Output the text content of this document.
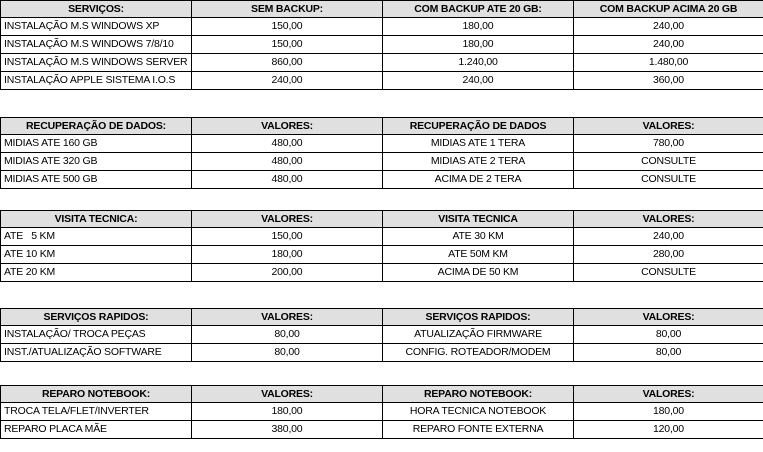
SERVIÇOS:	SEM BACKUP:	COM BACKUP ATE 20 GB:	COM BACKUP ACIMA 20 GB
INSTALAÇÃO M.S WINDOWS XP	150,00	180,00	240,00
INSTALAÇÃO M.S WINDOWS 7/8/10	150,00	180,00	240,00
INSTALAÇÃO M.S WINDOWS SERVER	860,00	1.240,00	1.480,00
INSTALAÇÃO APPLE SISTEMA I.O.S	240,00	240,00	360,00
RECUPERAÇÃO DE DADOS:	VALORES:	RECUPERAÇÃO DE DADOS	VALORES:
MIDIAS ATE 160 GB	480,00	MIDIAS ATE 1 TERA	780,00
MIDIAS ATE 320 GB	480,00	MIDIAS ATE 2 TERA	CONSULTE
MIDIAS ATE 500 GB	480,00	ACIMA DE 2 TERA	CONSULTE
VISITA TECNICA:	VALORES:	VISITA TECNICA	VALORES:
ATE   5 KM	150,00	ATE 30 KM	240,00
ATE 10 KM	180,00	ATE 50M KM	280,00
ATE 20 KM	200,00	ACIMA DE 50 KM	CONSULTE
SERVIÇOS RAPIDOS:	VALORES:	SERVIÇOS RAPIDOS:	VALORES:
INSTALAÇÃO/ TROCA PEÇAS	80,00	ATUALIZAÇÃO FIRMWARE	80,00
INST./ATUALIZAÇÃO SOFTWARE	80,00	CONFIG. ROTEADOR/MODEM	80,00
REPARO NOTEBOOK:	VALORES:	REPARO NOTEBOOK:	VALORES:
TROCA TELA/FLET/INVERTER	180,00	HORA TECNICA NOTEBOOK	180,00
REPARO PLACA MÃE	380,00	REPARO FONTE EXTERNA	120,00
